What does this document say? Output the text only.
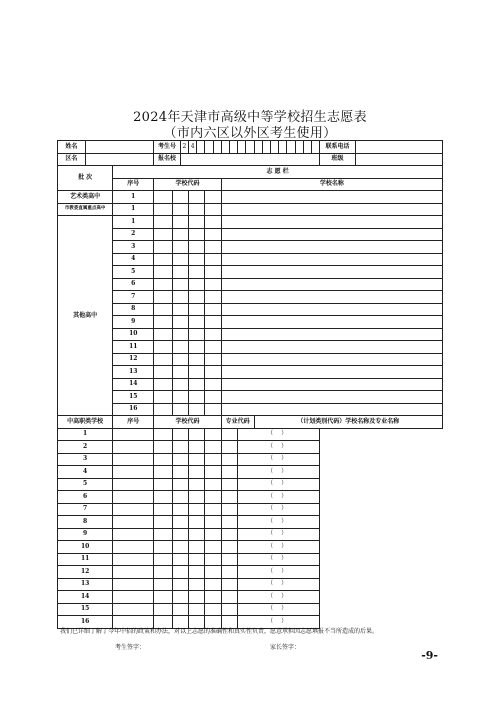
2024年天津市高级中等学校招生志愿表
（市内六区以外区考生使用）
姓名			考生号		2	4																联系电话	
区名			报名校																			班级	
批 次		志 愿 栏																					
		序号	学校代码							学校名称													
艺术类高中		1																					
市教委直属重点高中		1																					
其他高中		1																					
		2																					
		3																					
		4																					
		5																					
		6																					
		7																					
		8																					
		9																					
		10																					
		11																					
		12																					
		13																					
		14																					
		15																					
		16																					
中高职类学校		序号	学校代码							专业代码				（计划类别代码）学校名称及专业名称									
1												（ ）											
2												（ ）											
3												（ ）											
4												（ ）											
5												（ ）											
6												（ ）											
7												（ ）											
8												（ ）											
9												（ ）											
10												（ ）											
11												（ ）											
12												（ ）											
13												（ ）											
14												（ ）											
15												（ ）											
16												（ ）											
我们已详细了解了今年中招的政策和办法，对以上志愿的准确性和真实性负责，愿意承担因志愿填报不当所造成的后果。
考生签字：	家长签字：
-9-
